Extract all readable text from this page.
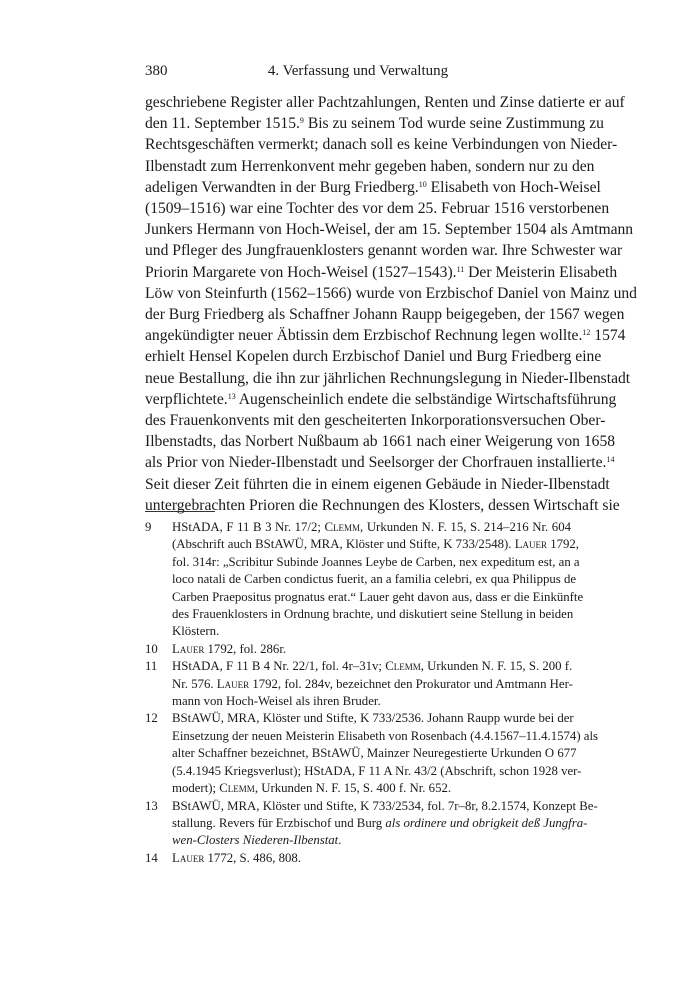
380	4. Verfassung und Verwaltung
geschriebene Register aller Pachtzahlungen, Renten und Zinse datierte er auf
den 11. September 1515.$^9$ Bis zu seinem Tod wurde seine Zustimmung zu
Rechtsgeschäften vermerkt; danach soll es keine Verbindungen von Nieder-
Ilbenstadt zum Herrenkonvent mehr gegeben haben, sondern nur zu den
adeligen Verwandten in der Burg Friedberg.$^{10}$ Elisabeth von Hoch-Weisel
(1509–1516) war eine Tochter des vor dem 25. Februar 1516 verstorbenen
Junkers Hermann von Hoch-Weisel, der am 15. September 1504 als Amtmann
und Pfleger des Jungfrauenklosters genannt worden war. Ihre Schwester war
Priorin Margarete von Hoch-Weisel (1527–1543).$^{11}$ Der Meisterin Elisabeth
Löw von Steinfurth (1562–1566) wurde von Erzbischof Daniel von Mainz und
der Burg Friedberg als Schaffner Johann Raupp beigegeben, der 1567 wegen
angekündigter neuer Äbtissin dem Erzbischof Rechnung legen wollte.$^{12}$ 1574
erhielt Hensel Kopelen durch Erzbischof Daniel und Burg Friedberg eine
neue Bestallung, die ihn zur jährlichen Rechnungslegung in Nieder-Ilbenstadt
verpflichtete.$^{13}$ Augenscheinlich endete die selbständige Wirtschaftsführung
des Frauenkonvents mit den gescheiterten Inkorporationsversuchen Ober-
Ilbenstadts, das Norbert Nußbaum ab 1661 nach einer Weigerung von 1658
als Prior von Nieder-Ilbenstadt und Seelsorger der Chorfrauen installierte.$^{14}$
Seit dieser Zeit führten die in einem eigenen Gebäude in Nieder-Ilbenstadt
untergebrachten Prioren die Rechnungen des Klosters, dessen Wirtschaft sie
9 HStADA, F 11 B 3 Nr. 17/2; Clemm, Urkunden N. F. 15, S. 214–216 Nr. 604
(Abschrift auch BStAWÜ, MRA, Klöster und Stifte, K 733/2548). Lauer 1792,
fol. 314r: „Scribitur Subinde Joannes Leybe de Carben, nex expeditum est, an a
loco natali de Carben condictus fuerit, an a familia celebri, ex qua Philippus de
Carben Praepositus prognatus erat.“ Lauer geht davon aus, dass er die Einkünfte
des Frauenklosters in Ordnung brachte, und diskutiert seine Stellung in beiden
Klöstern.
10 Lauer 1792, fol. 286r.
11 HStADA, F 11 B 4 Nr. 22/1, fol. 4r–31v; Clemm, Urkunden N. F. 15, S. 200 f.
Nr. 576. Lauer 1792, fol. 284v, bezeichnet den Prokurator und Amtmann Her-
mann von Hoch-Weisel als ihren Bruder.
12 BStAWÜ, MRA, Klöster und Stifte, K 733/2536. Johann Raupp wurde bei der
Einsetzung der neuen Meisterin Elisabeth von Rosenbach (4.4.1567–11.4.1574) als
alter Schaffner bezeichnet, BStAWÜ, Mainzer Neuregestierte Urkunden O 677
(5.4.1945 Kriegsverlust); HStADA, F 11 A Nr. 43/2 (Abschrift, schon 1928 ver-
modert); Clemm, Urkunden N. F. 15, S. 400 f. Nr. 652.
13 BStAWÜ, MRA, Klöster und Stifte, K 733/2534, fol. 7r–8r, 8.2.1574, Konzept Be-
stallung. Revers für Erzbischof und Burg als ordinere und obrigkeit deß Jungfra-
wen-Closters Niederen-Ilbenstat.
14 Lauer 1772, S. 486, 808.
